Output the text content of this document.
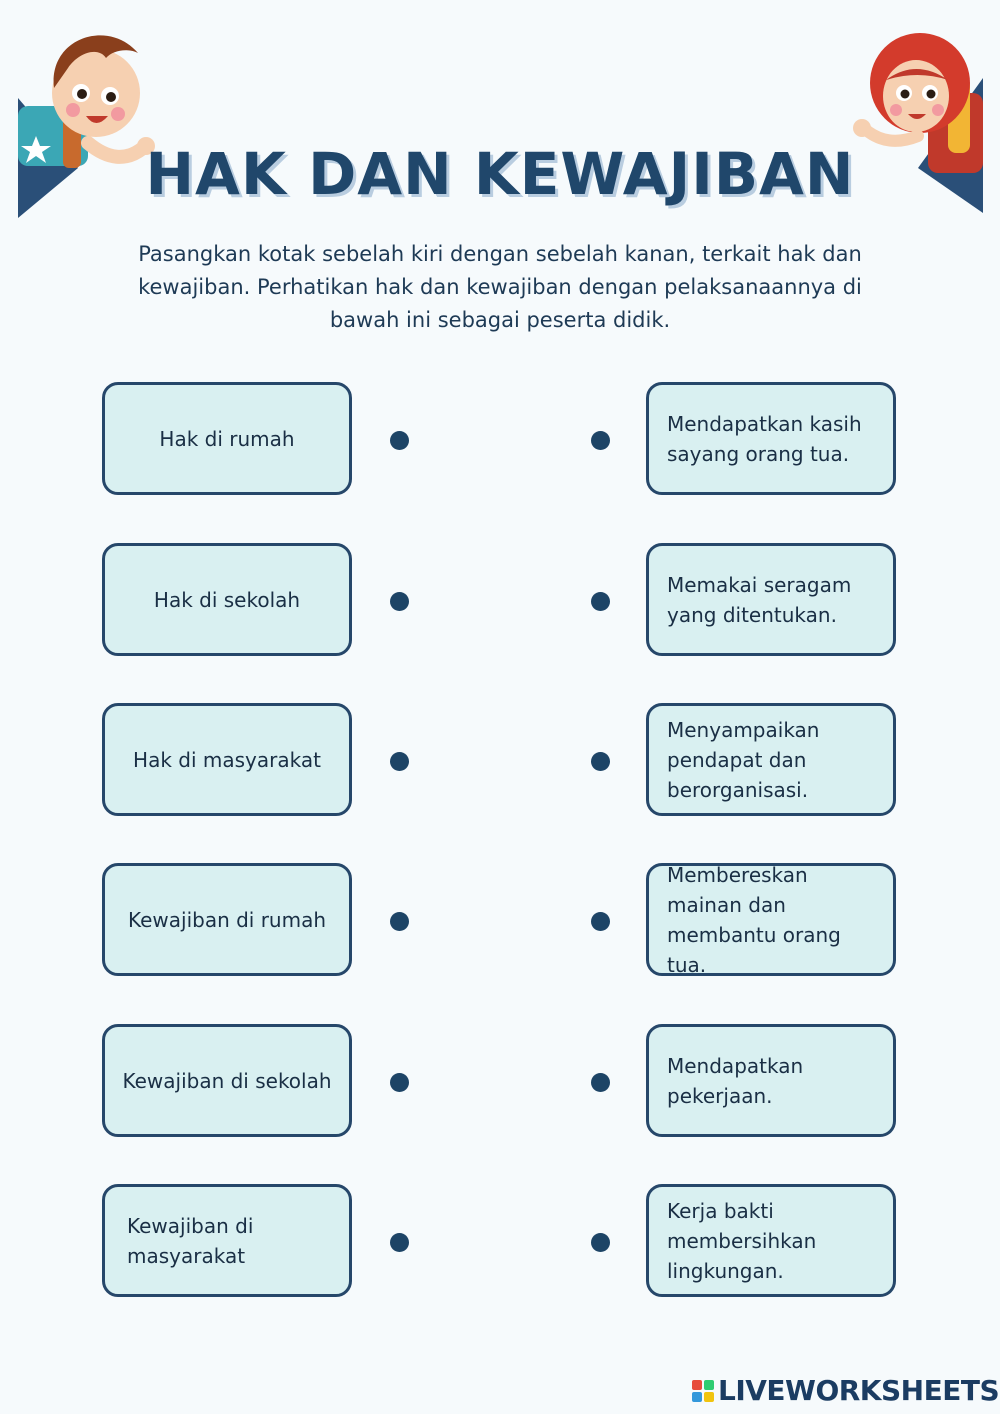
HAK DAN KEWAJIBAN
Pasangkan kotak sebelah kiri dengan sebelah kanan, terkait hak dan kewajiban. Perhatikan hak dan kewajiban dengan pelaksanaannya di bawah ini sebagai peserta didik.
Hak di rumah
Hak di sekolah
Hak di masyarakat
Kewajiban di rumah
Kewajiban di sekolah
Kewajiban di masyarakat
Mendapatkan kasih sayang orang tua.
Memakai seragam yang ditentukan.
Menyampaikan pendapat dan berorganisasi.
Membereskan mainan dan membantu orang tua.
Mendapatkan pekerjaan.
Kerja bakti membersihkan lingkungan.
LIVEWORKSHEETS
